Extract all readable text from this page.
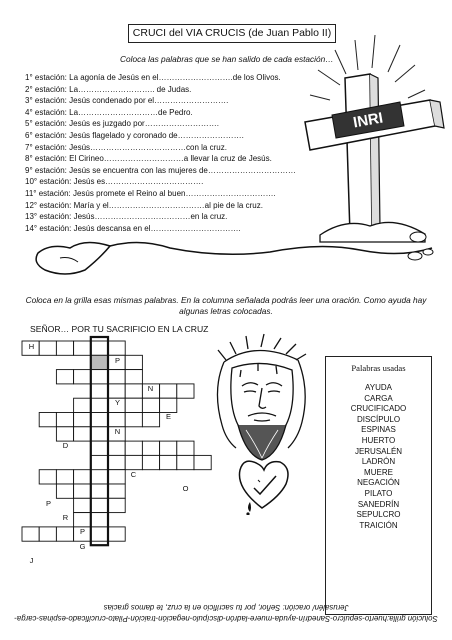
CRUCI del VIA CRUCIS (de Juan Pablo II)
Coloca las palabras que se han salido de cada estación…
1° estación: La agonía de Jesús en el……………………….de los Olivos.
2° estación: La……………………….. de Judas.
3° estación: Jesús condenado por el……………………….
4° estación: La…………………………de Pedro.
5° estación: Jesús es juzgado por……………………….
6° estación: Jesús flagelado y coronado de…………………….
7° estación: Jesús………………………………con la cruz.
8° estación: El Cirineo…………………………a llevar la cruz de Jesús.
9° estación: Jesús se encuentra con las mujeres de……………………………
10° estación: Jesús es……………………………….
11° estación: Jesús promete el Reino al buen…………………………….
12° estación: María y el………………………………al pie de la cruz.
13° estación: Jesús………………………………en la cruz.
14° estación: Jesús descansa en el…………………………….
INRI
Coloca en la grilla esas mismas palabras. En la columna señalada podrás leer una oración. Como ayuda hay algunas letras colocadas.
SEÑOR… POR TU SACRIFICIO EN LA CRUZ
H
P
N
Y
E
N
D
C
O
P
R
P
G
J
Palabras usadas
AYUDA
CARGA
CRUCIFICADO
DISCÍPULO
ESPINAS
HUERTO
JERUSALÉN
LADRÓN
MUERE
NEGACIÓN
PILATO
SANEDRÍN
SEPULCRO
TRAICIÓN
Solución grilla:huerto-sepulcro-Sanedrín-ayuda-muere-ladrón-discípulo-negación-traición-Pilato-crucificado-espinas-carga-Jerusalén/ oración: Señor, por tu sacrificio en la cruz, te damos gracias
